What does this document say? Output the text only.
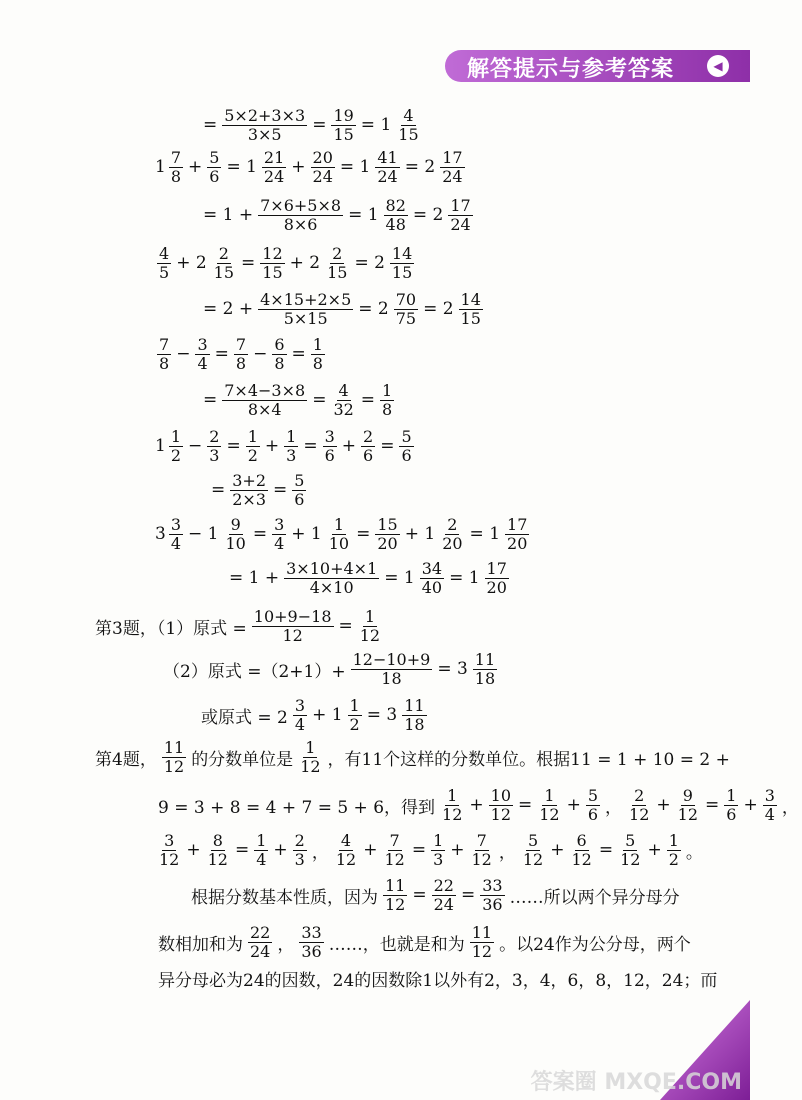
解答提示与参考答案	◀
= $\frac{5\times 2+3\times 3}{3\times 5} = \frac{19}{15} = 1 \frac{4}{15}$
$1 \frac{7}{8} + \frac{5}{6} = 1 \frac{21}{24} + \frac{20}{24} = 1 \frac{41}{24} = 2 \frac{17}{24}$
= $1 + \frac{7\times 6+5\times 8}{8\times 6} = 1 \frac{82}{48} = 2 \frac{17}{24}$
$\frac{4}{5} + 2 \frac{2}{15} = \frac{12}{15} + 2 \frac{2}{15} = 2 \frac{14}{15}$
= $2 + \frac{4\times 15+2\times 5}{5\times 15} = 2 \frac{70}{75} = 2 \frac{14}{15}$
$\frac{7}{8} - \frac{3}{4} = \frac{7}{8} - \frac{6}{8} = \frac{1}{8}$
= $\frac{7\times 4-3\times 8}{8\times 4} = \frac{4}{32} = \frac{1}{8}$
$1 \frac{1}{2} - \frac{2}{3} = \frac{1}{2} + \frac{1}{3} = \frac{3}{6} + \frac{2}{6} = \frac{5}{6}$
= $\frac{3+2}{2\times 3} = \frac{5}{6}$
$3 \frac{3}{4} - 1 \frac{9}{10} = \frac{3}{4} + 1 \frac{1}{10} = \frac{15}{20} + 1 \frac{2}{20} = 1 \frac{17}{20}$
= $1 + \frac{3\times 10+4\times 1}{4\times 10} = 1 \frac{34}{40} = 1 \frac{17}{20}$
第3题，（1）原式 = $\frac{10+9-18}{12} = \frac{1}{12}$
（2）原式 $=(2+1)+ \frac{12-10+9}{18} = 3 \frac{11}{18}$
或原式 = $2 \frac{3}{4} + 1 \frac{1}{2} = 3 \frac{11}{18}$
第4题， $\frac{11}{12}$ 的分数单位是 $\frac{1}{12}$ ，有11个这样的分数单位。根据11 = 1 + 10 = 2 +
9 = 3 + 8 = 4 + 7 = 5 + 6，得到 $\frac{1}{12} + \frac{10}{12} = \frac{1}{12} + \frac{5}{6}$ ， $\frac{2}{12} + \frac{9}{12} = \frac{1}{6} + \frac{3}{4}$ ，
$\frac{3}{12} + \frac{8}{12} = \frac{1}{4} + \frac{2}{3}$ ， $\frac{4}{12} + \frac{7}{12} = \frac{1}{3} + \frac{7}{12}$ ， $\frac{5}{12} + \frac{6}{12} = \frac{5}{12} + \frac{1}{2}$ 。
根据分数基本性质，因为 $\frac{11}{12} = \frac{22}{24} = \frac{33}{36}$ ……所以两个异分母分
数相加和为 $\frac{22}{24}$ ， $\frac{33}{36}$ ……，也就是和为 $\frac{11}{12}$ 。以24作为公分母，两个
异分母必为24的因数，24的因数除1以外有2，3，4，6，8，12，24；而
答案圈 MXQE.COM
